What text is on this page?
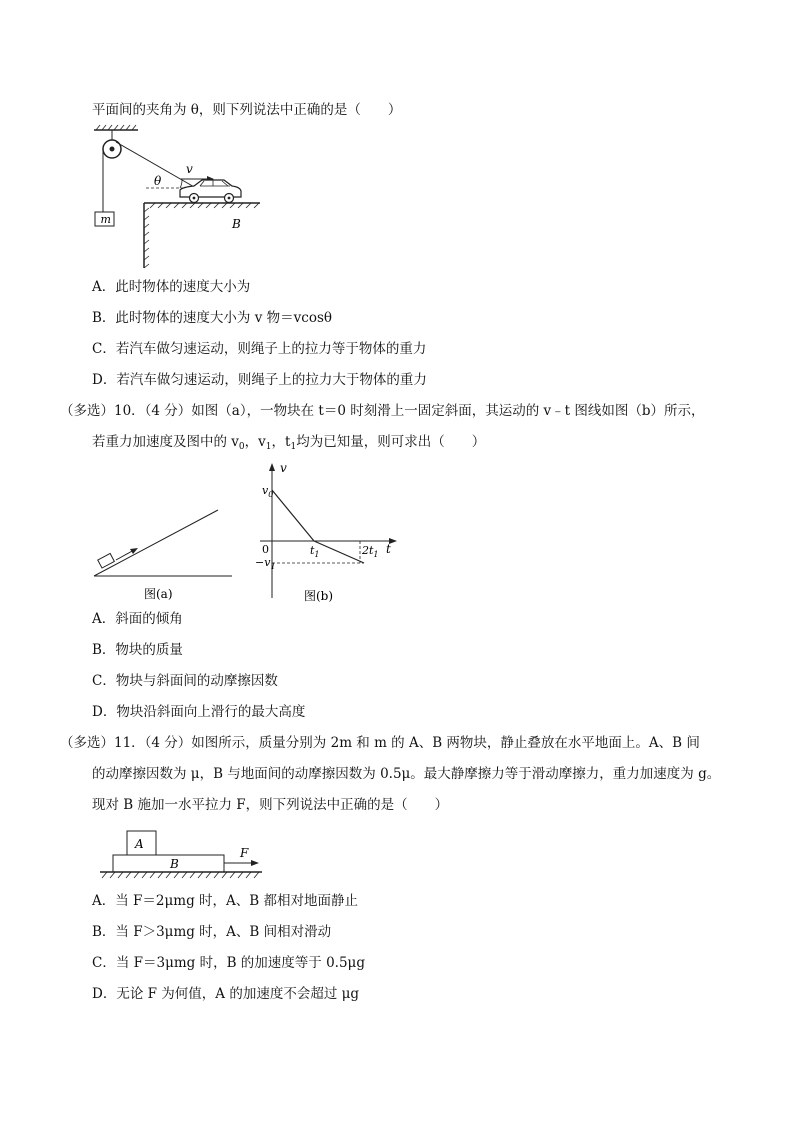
平面间的夹角为 θ，则下列说法中正确的是（　　）
m
θ
v
B
A．此时物体的速度大小为
B．此时物体的速度大小为 v 物＝vcosθ
C．若汽车做匀速运动，则绳子上的拉力等于物体的重力
D．若汽车做匀速运动，则绳子上的拉力大于物体的重力
（多选）10．（4 分）如图（a），一物块在 t＝0 时刻滑上一固定斜面，其运动的 v﹣t 图线如图（b）所示，
若重力加速度及图中的 $v_0$，$v_1$，$t_1$均为已知量，则可求出（　　）
图(a)
v
t
$v_0$
0
$-v_1$
$t_1$	$2t_1$
图(b)
A．斜面的倾角
B．物块的质量
C．物块与斜面间的动摩擦因数
D．物块沿斜面向上滑行的最大高度
（多选）11．（4 分）如图所示，质量分别为 2m 和 m 的 A、B 两物块，静止叠放在水平地面上。A、B 间
的动摩擦因数为 μ，B 与地面间的动摩擦因数为 0.5μ。最大静摩擦力等于滑动摩擦力，重力加速度为 g。
现对 B 施加一水平拉力 F，则下列说法中正确的是（　　）
A
B
F
A．当 F＝2μmg 时，A、B 都相对地面静止
B．当 F＞3μmg 时，A、B 间相对滑动
C．当 F＝3μmg 时，B 的加速度等于 0.5μg
D．无论 F 为何值，A 的加速度不会超过 μg
